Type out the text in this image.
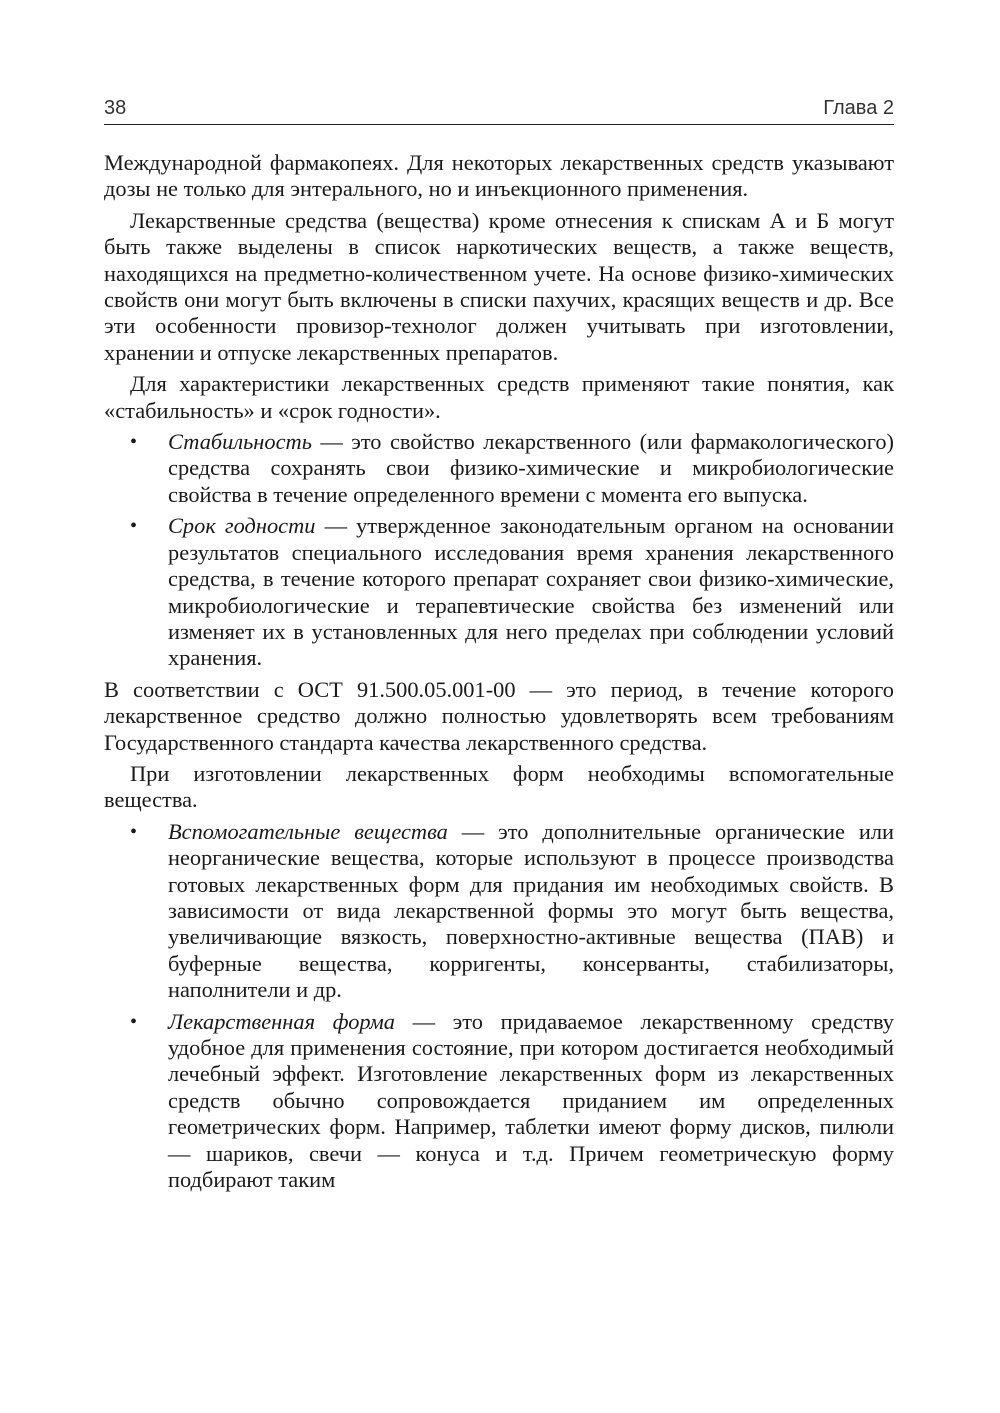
38	Глава 2

Международной фармакопеях. Для некоторых лекарственных средств указывают дозы не только для энтерального, но и инъекционного применения.

Лекарственные средства (вещества) кроме отнесения к спискам А и Б могут быть также выделены в список наркотических веществ, а также веществ, находящихся на предметно-количественном учете. На основе физико-химических свойств они могут быть включены в списки пахучих, красящих веществ и др. Все эти особенности провизор-технолог должен учитывать при изготовлении, хранении и отпуске лекарственных препаратов.

Для характеристики лекарственных средств применяют такие понятия, как «стабильность» и «срок годности».

• Стабильность — это свойство лекарственного (или фармакологического) средства сохранять свои физико-химические и микробиологические свойства в течение определенного времени с момента его выпуска.
• Срок годности — утвержденное законодательным органом на основании результатов специального исследования время хранения лекарственного средства, в течение которого препарат сохраняет свои физико-химические, микробиологические и терапевтические свойства без изменений или изменяет их в установленных для него пределах при соблюдении условий хранения.

В соответствии с ОСТ 91.500.05.001-00 — это период, в течение которого лекарственное средство должно полностью удовлетворять всем требованиям Государственного стандарта качества лекарственного средства.

При изготовлении лекарственных форм необходимы вспомогательные вещества.

• Вспомогательные вещества — это дополнительные органические или неорганические вещества, которые используют в процессе производства готовых лекарственных форм для придания им необходимых свойств. В зависимости от вида лекарственной формы это могут быть вещества, увеличивающие вязкость, поверхностно-активные вещества (ПАВ) и буферные вещества, корригенты, консерванты, стабилизаторы, наполнители и др.
• Лекарственная форма — это придаваемое лекарственному средству удобное для применения состояние, при котором достигается необходимый лечебный эффект. Изготовление лекарственных форм из лекарственных средств обычно сопровождается приданием им определенных геометрических форм. Например, таблетки имеют форму дисков, пилюли — шариков, свечи — конуса и т.д. Причем геометрическую форму подбирают таким
